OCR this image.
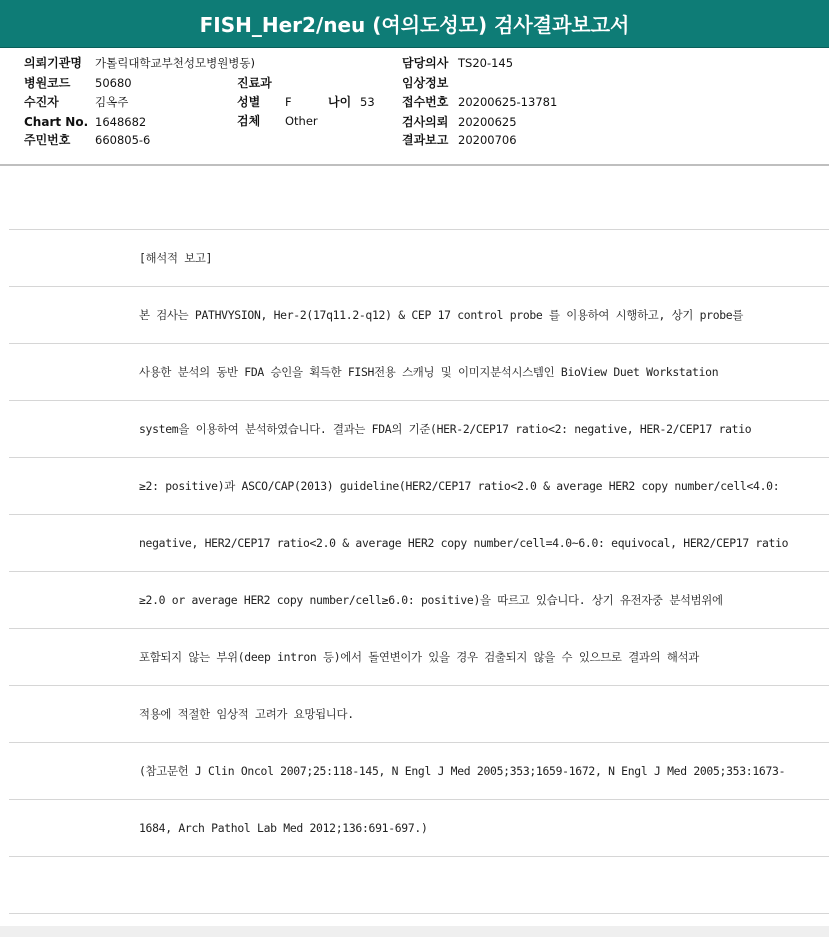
FISH_Her2/neu (여의도성모) 검사결과보고서
의뢰기관명 가톨릭대학교부천성모병원병동)
병원코드 50680
수진자	김옥주
Chart No. 1648682
주민번호 660805-6
진료과
성별 F	나이 53
검체 Other
담당의사 TS20-145
임상정보
접수번호 20200625-13781
검사의뢰 20200625
결과보고 20200706
[해석적 보고]
본 검사는 PATHVYSION, Her-2(17q11.2-q12) & CEP 17 control probe 를 이용하여 시행하고, 상기 probe를
사용한 분석의 동반 FDA 승인을 획득한 FISH전용 스캐닝 및 이미지분석시스템인 BioView Duet Workstation
system을 이용하여 분석하였습니다. 결과는 FDA의 기준(HER-2/CEP17 ratio<2: negative, HER-2/CEP17 ratio
≥2: positive)과 ASCO/CAP(2013) guideline(HER2/CEP17 ratio<2.0 & average HER2 copy number/cell<4.0:
negative, HER2/CEP17 ratio<2.0 & average HER2 copy number/cell=4.0~6.0: equivocal, HER2/CEP17 ratio
≥2.0 or average HER2 copy number/cell≥6.0: positive)을 따르고 있습니다. 상기 유전자중 분석범위에
포함되지 않는 부위(deep intron 등)에서 돌연변이가 있을 경우 검출되지 않을 수 있으므로 결과의 해석과
적용에 적절한 임상적 고려가 요망됩니다.
(참고문헌 J Clin Oncol 2007;25:118-145, N Engl J Med 2005;353;1659-1672, N Engl J Med 2005;353:1673-
1684, Arch Pathol Lab Med 2012;136:691-697.)
